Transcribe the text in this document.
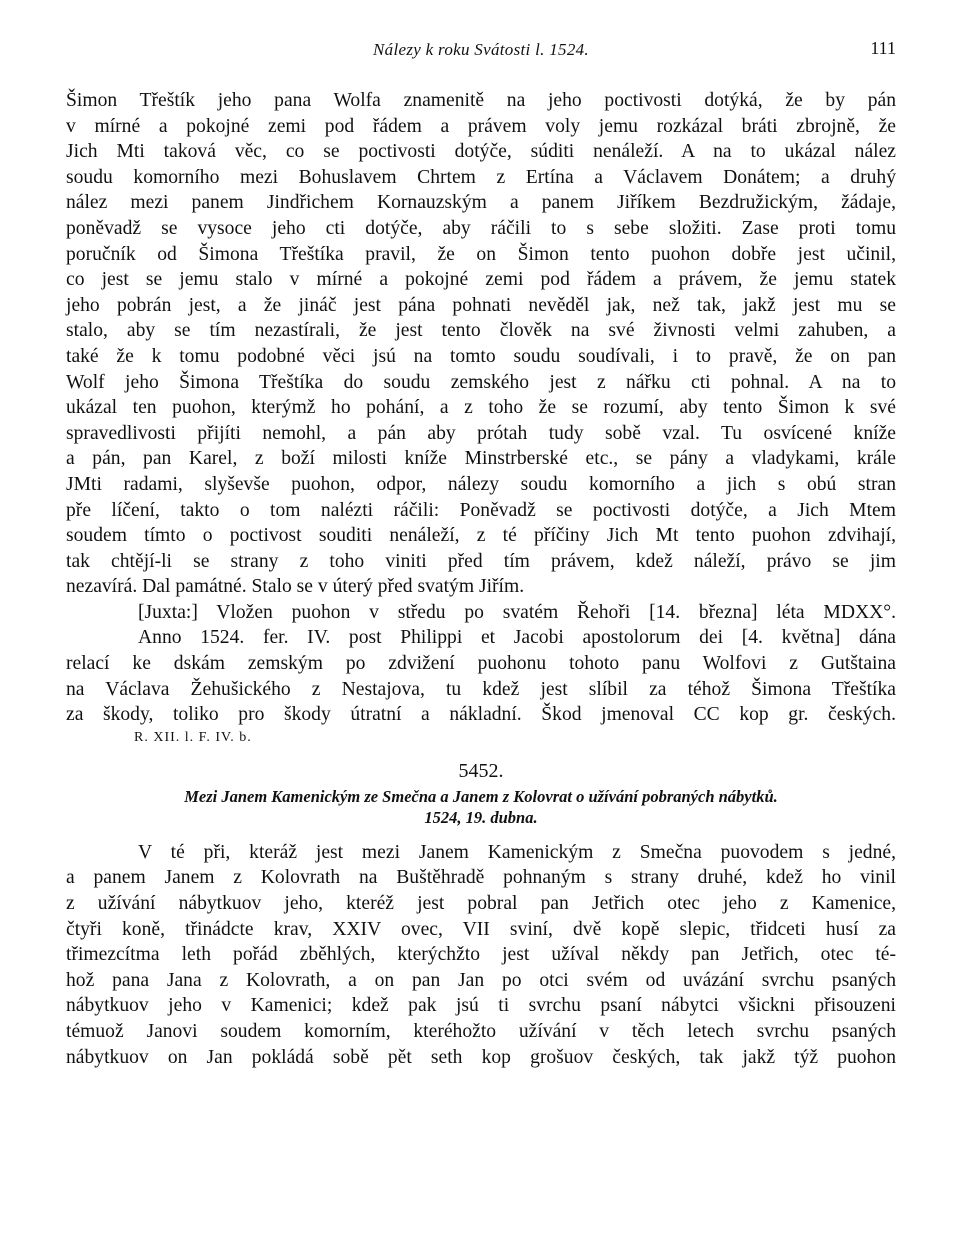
Nálezy k roku Svátosti l. 1524.	111
Šimon Třeštík jeho pana Wolfa znamenitě na jeho poctivosti dotýká, že by pán
v mírné a pokojné zemi pod řádem a právem voly jemu rozkázal bráti zbrojně, že
Jich Mti taková věc, co se poctivosti dotýče, súditi nenáleží. A na to ukázal nález
soudu komorního mezi Bohuslavem Chrtem z Ertína a Václavem Donátem; a druhý
nález mezi panem Jindřichem Kornauzským a panem Jiříkem Bezdružickým, žádaje,
poněvadž se vysoce jeho cti dotýče, aby ráčili to s sebe složiti. Zase proti tomu
poručník od Šimona Třeštíka pravil, že on Šimon tento puohon dobře jest učinil,
co jest se jemu stalo v mírné a pokojné zemi pod řádem a právem, že jemu statek
jeho pobrán jest, a že jináč jest pána pohnati nevěděl jak, než tak, jakž jest mu se
stalo, aby se tím nezastírali, že jest tento člověk na své živnosti velmi zahuben, a
také že k tomu podobné věci jsú na tomto soudu soudívali, i to pravě, že on pan
Wolf jeho Šimona Třeštíka do soudu zemského jest z nářku cti pohnal. A na to
ukázal ten puohon, kterýmž ho pohání, a z toho že se rozumí, aby tento Šimon k své
spravedlivosti přijíti nemohl, a pán aby prótah tudy sobě vzal. Tu osvícené kníže
a pán, pan Karel, z boží milosti kníže Minstrberské etc., se pány a vladykami, krále
JMti radami, slyševše puohon, odpor, nálezy soudu komorního a jich s obú stran
pře líčení, takto o tom nalézti ráčili: Poněvadž se poctivosti dotýče, a Jich Mtem
soudem tímto o poctivost souditi nenáleží, z té příčiny Jich Mt tento puohon zdvihají,
tak chtějí-li se strany z toho viniti před tím právem, kdež náleží, právo se jim
nezavírá. Dal památné. Stalo se v úterý před svatým Jiřím.
[Juxta:] Vložen puohon v středu po svatém Řehoři [14. března] léta MDXX°.
Anno 1524. fer. IV. post Philippi et Jacobi apostolorum dei [4. května] dána
relací ke dskám zemským po zdvižení puohonu tohoto panu Wolfovi z Gutštaina
na Václava Žehušického z Nestajova, tu kdež jest slíbil za téhož Šimona Třeštíka
za škody, toliko pro škody útratní a nákladní. Škod jmenoval CC kop gr. českých.
R. XII. l. F. IV. b.
5452.
Mezi Janem Kamenickým ze Smečna a Janem z Kolovrat o užívání pobraných nábytků.
1524, 19. dubna.
V té při, kteráž jest mezi Janem Kamenickým z Smečna puovodem s jedné,
a panem Janem z Kolovrath na Buštěhradě pohnaným s strany druhé, kdež ho vinil
z užívání nábytkuov jeho, kteréž jest pobral pan Jetřich otec jeho z Kamenice,
čtyři koně, třinádcte krav, XXIV ovec, VII sviní, dvě kopě slepic, třidceti husí za
třimezcítma leth pořád zběhlých, kterýchžto jest užíval někdy pan Jetřich, otec té-
hož pana Jana z Kolovrath, a on pan Jan po otci svém od uvázání svrchu psaných
nábytkuov jeho v Kamenici; kdež pak jsú ti svrchu psaní nábytci všickni přisouzeni
témuož Janovi soudem komorním, kteréhožto užívání v těch letech svrchu psaných
nábytkuov on Jan pokládá sobě pět seth kop grošuov českých, tak jakž týž puohon
